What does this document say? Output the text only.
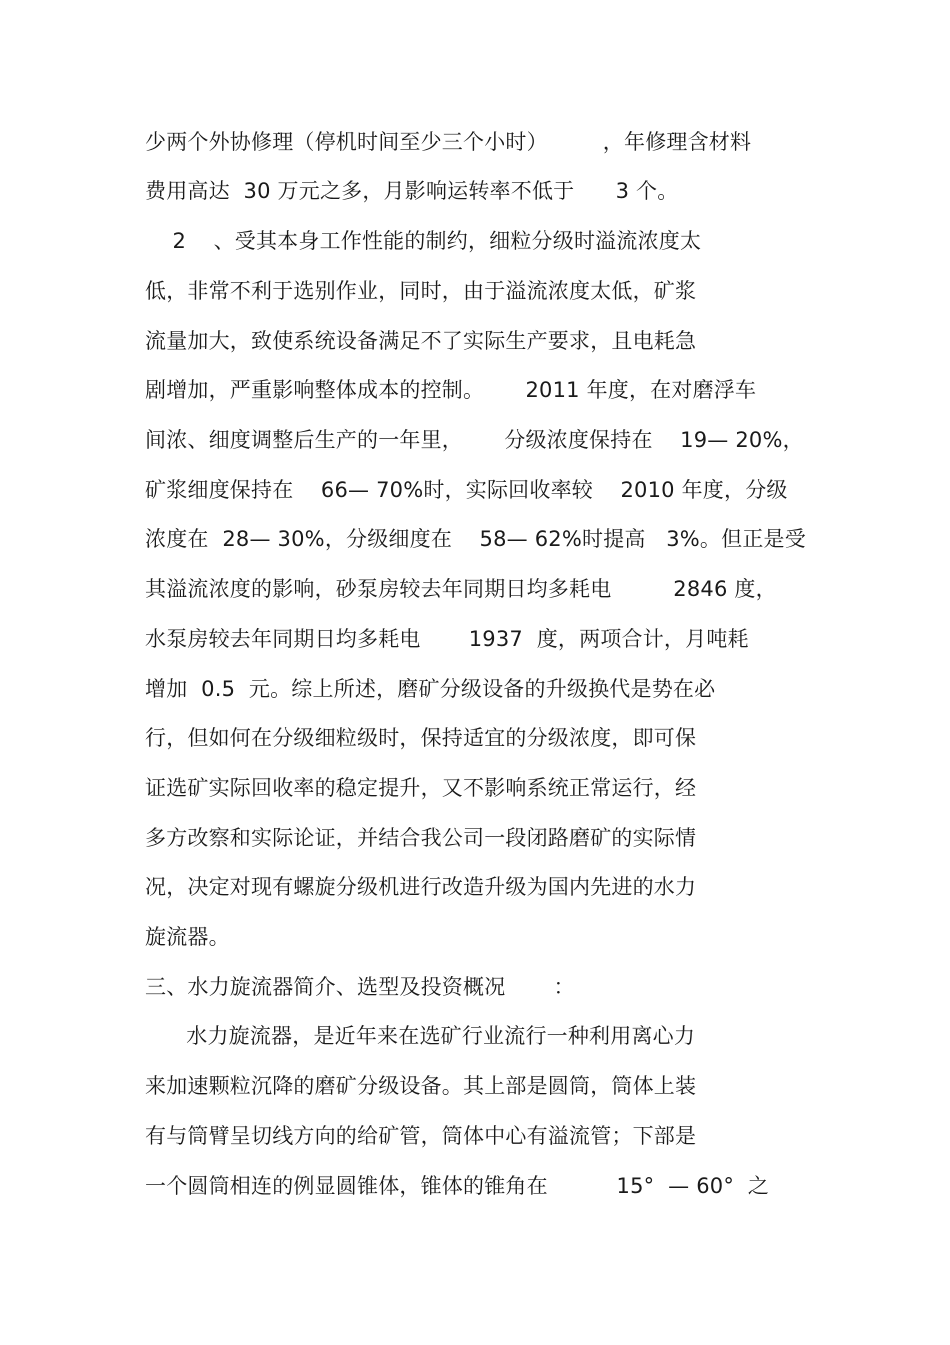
少两个外协修理（停机时间至少三个小时）        ，年修理含材料
费用高达  30 万元之多，月影响运转率不低于      3 个。
2    、受其本身工作性能的制约，细粒分级时溢流浓度太
低，非常不利于选别作业，同时，由于溢流浓度太低，矿浆
流量加大，致使系统设备满足不了实际生产要求，且电耗急
剧增加，严重影响整体成本的控制。      2011 年度，在对磨浮车
间浓、细度调整后生产的一年里，      分级浓度保持在    19— 20%，
矿浆细度保持在    66— 70%时，实际回收率较    2010 年度，分级
浓度在  28— 30%，分级细度在    58— 62%时提高   3%。但正是受
其溢流浓度的影响，砂泵房较去年同期日均多耗电         2846 度，
水泵房较去年同期日均多耗电       1937  度，两项合计，月吨耗
增加  0.5  元。综上所述，磨矿分级设备的升级换代是势在必
行，但如何在分级细粒级时，保持适宜的分级浓度，即可保
证选矿实际回收率的稳定提升，又不影响系统正常运行，经
多方改察和实际论证，并结合我公司一段闭路磨矿的实际情
况，决定对现有螺旋分级机进行改造升级为国内先进的水力
旋流器。
三、水力旋流器简介、选型及投资概况       ：
水力旋流器，是近年来在选矿行业流行一种利用离心力
来加速颗粒沉降的磨矿分级设备。其上部是圆筒，筒体上装
有与筒臂呈切线方向的给矿管，筒体中心有溢流管；下部是
一个圆筒相连的例显圆锥体，锥体的锥角在          15°  — 60°  之
